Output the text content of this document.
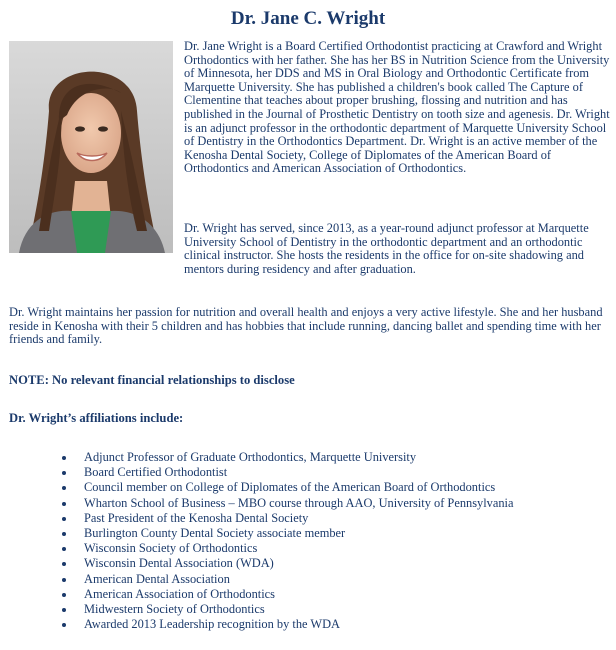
Dr. Jane C. Wright

Dr. Jane Wright is a Board Certified Orthodontist practicing at Crawford and Wright Orthodontics with her father. She has her BS in Nutrition Science from the University of Minnesota, her DDS and MS in Oral Biology and Orthodontic Certificate from Marquette University. She has published a children's book called The Capture of Clementine that teaches about proper brushing, flossing and nutrition and has published in the Journal of Prosthetic Dentistry on tooth size and agenesis. Dr. Wright is an adjunct professor in the orthodontic department of Marquette University School of Dentistry in the Orthodontics Department. Dr. Wright is an active member of the Kenosha Dental Society, College of Diplomates of the American Board of Orthodontics and American Association of Orthodontics.

Dr. Wright has served, since 2013, as a year-round adjunct professor at Marquette University School of Dentistry in the orthodontic department and an orthodontic clinical instructor. She hosts the residents in the office for on-site shadowing and mentors during residency and after graduation.

Dr. Wright maintains her passion for nutrition and overall health and enjoys a very active lifestyle. She and her husband reside in Kenosha with their 5 children and has hobbies that include running, dancing ballet and spending time with her friends and family.

NOTE: No relevant financial relationships to disclose

Dr. Wright’s affiliations include:

Adjunct Professor of Graduate Orthodontics, Marquette University
Board Certified Orthodontist
Council member on College of Diplomates of the American Board of Orthodontics
Wharton School of Business – MBO course through AAO, University of Pennsylvania
Past President of the Kenosha Dental Society
Burlington County Dental Society associate member
Wisconsin Society of Orthodontics
Wisconsin Dental Association (WDA)
American Dental Association
American Association of Orthodontics
Midwestern Society of Orthodontics
Awarded 2013 Leadership recognition by the WDA
